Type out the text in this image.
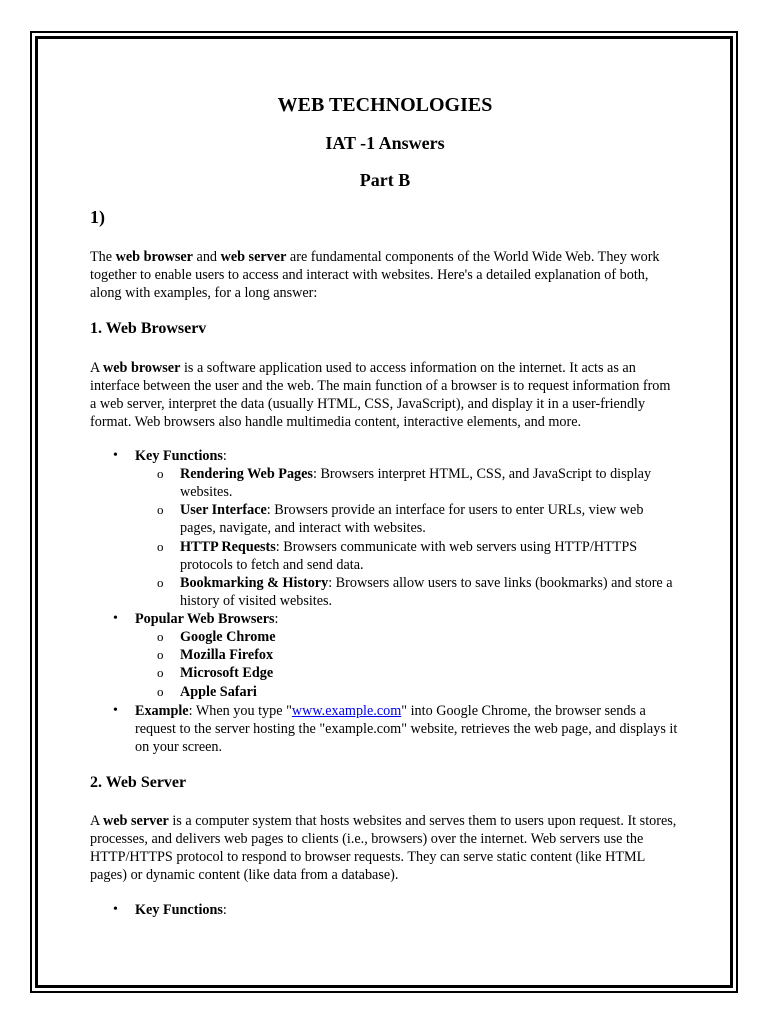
WEB TECHNOLOGIES
IAT -1 Answers
Part B
1)

The web browser and web server are fundamental components of the World Wide Web. They work together to enable users to access and interact with websites. Here's a detailed explanation of both, along with examples, for a long answer:

1. Web Browserv

A web browser is a software application used to access information on the internet. It acts as an interface between the user and the web. The main function of a browser is to request information from a web server, interpret the data (usually HTML, CSS, JavaScript), and display it in a user-friendly format. Web browsers also handle multimedia content, interactive elements, and more.

• Key Functions:
o Rendering Web Pages: Browsers interpret HTML, CSS, and JavaScript to display websites.
o User Interface: Browsers provide an interface for users to enter URLs, view web pages, navigate, and interact with websites.
o HTTP Requests: Browsers communicate with web servers using HTTP/HTTPS protocols to fetch and send data.
o Bookmarking & History: Browsers allow users to save links (bookmarks) and store a history of visited websites.
• Popular Web Browsers:
o Google Chrome
o Mozilla Firefox
o Microsoft Edge
o Apple Safari
• Example: When you type "www.example.com" into Google Chrome, the browser sends a request to the server hosting the "example.com" website, retrieves the web page, and displays it on your screen.
2. Web Server

A web server is a computer system that hosts websites and serves them to users upon request. It stores, processes, and delivers web pages to clients (i.e., browsers) over the internet. Web servers use the HTTP/HTTPS protocol to respond to browser requests. They can serve static content (like HTML pages) or dynamic content (like data from a database).

• Key Functions:
